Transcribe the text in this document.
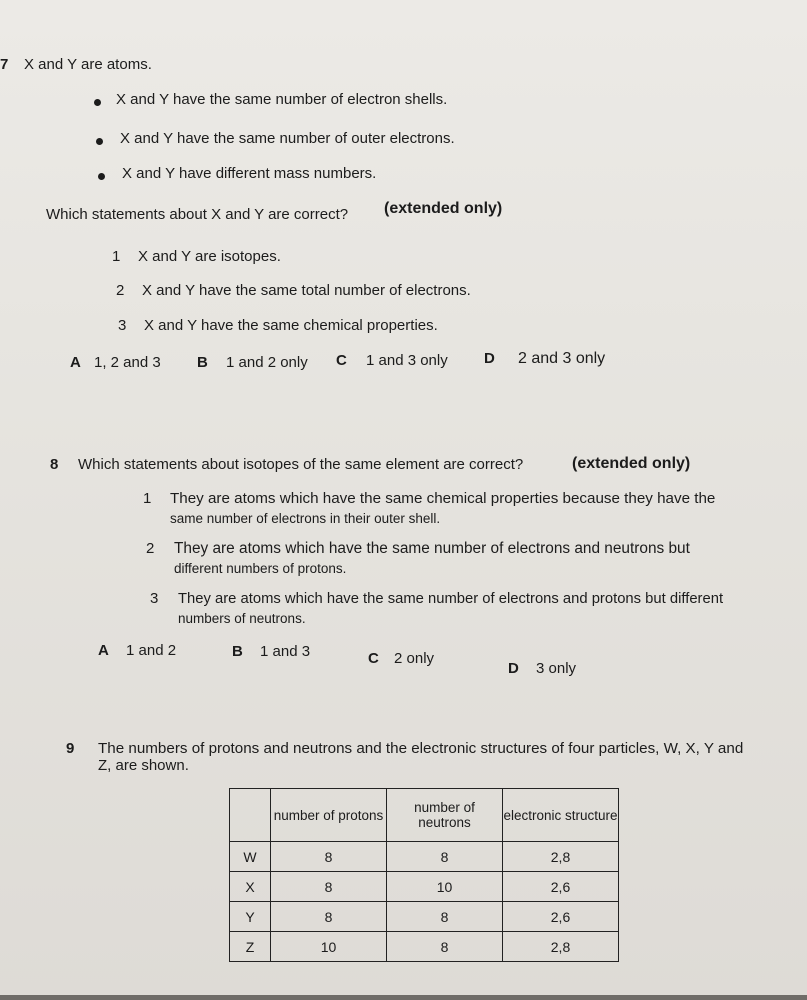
7 X and Y are atoms.
X and Y have the same number of electron shells.
X and Y have the same number of outer electrons.
X and Y have different mass numbers.
Which statements about X and Y are correct? (extended only)
1 X and Y are isotopes.
2 X and Y have the same total number of electrons.
3 X and Y have the same chemical properties.
A 1, 2 and 3 B 1 and 2 only C 1 and 3 only D 2 and 3 only
8 Which statements about isotopes of the same element are correct?	(extended only)
1 They are atoms which have the same chemical properties because they have the
same number of electrons in their outer shell.
2 They are atoms which have the same number of electrons and neutrons but
different numbers of protons.
3 They are atoms which have the same number of electrons and protons but different
numbers of neutrons.
A 1 and 2	B 1 and 3	C 2 only
D 3 only
9 The numbers of protons and neutrons and the electronic structures of four particles, W, X, Y and
Z, are shown.
	number of protons	number of neutrons	electronic structure
W	8	8	2,8
X	8	10	2,6
Y	8	8	2,6
Z	10	8	2,8
